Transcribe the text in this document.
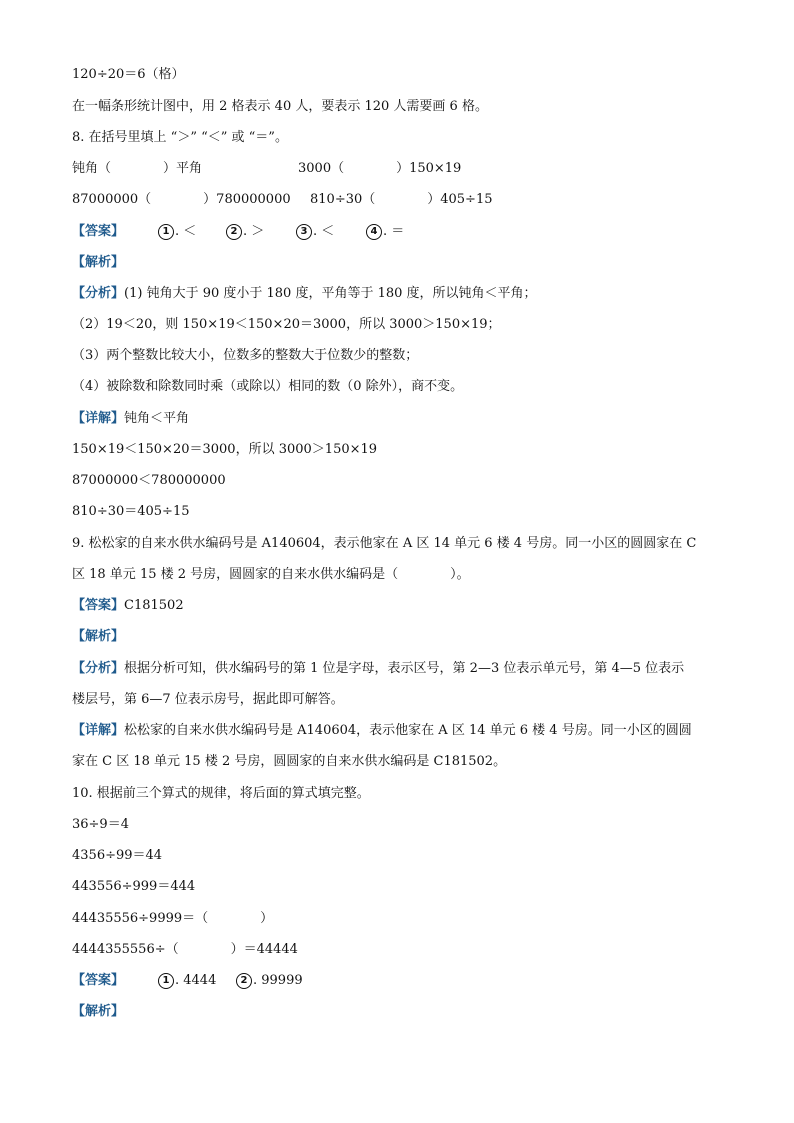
120÷20＝6（格）
在一幅条形统计图中，用 2 格表示 40 人，要表示 120 人需要画 6 格。
8. 在括号里填上 “＞” “＜” 或 “＝”。
钝角（　　　　）平角	3000（　　　　）150×19
87000000（　　　　）780000000 810÷30（　　　　）405÷15
【答案】	1 . ＜	2 . ＞	3 . ＜	4 . ＝
【解析】
【分析】(1) 钝角大于 90 度小于 180 度，平角等于 180 度，所以钝角＜平角；
（2）19＜20，则 150×19＜150×20＝3000，所以 3000＞150×19；
（3）两个整数比较大小，位数多的整数大于位数少的整数；
（4）被除数和除数同时乘（或除以）相同的数（0 除外），商不变。
【详解】钝角＜平角
150×19＜150×20＝3000，所以 3000＞150×19
87000000＜780000000
810÷30＝405÷15
9. 松松家的自来水供水编码号是 A140604，表示他家在 A 区 14 单元 6 楼 4 号房。同一小区的圆圆家在 C
区 18 单元 15 楼 2 号房，圆圆家的自来水供水编码是（　　　　）。
【答案】C181502
【解析】
【分析】根据分析可知，供水编码号的第 1 位是字母，表示区号，第 2—3 位表示单元号，第 4—5 位表示
楼层号，第 6—7 位表示房号，据此即可解答。
【详解】松松家的自来水供水编码号是 A140604，表示他家在 A 区 14 单元 6 楼 4 号房。同一小区的圆圆
家在 C 区 18 单元 15 楼 2 号房，圆圆家的自来水供水编码是 C181502。
10. 根据前三个算式的规律，将后面的算式填完整。
36÷9＝4
4356÷99＝44
443556÷999＝444
44435556÷9999＝（　　　　）
4444355556÷（　　　　）＝44444
【答案】	1 . 4444	2 . 99999
【解析】
